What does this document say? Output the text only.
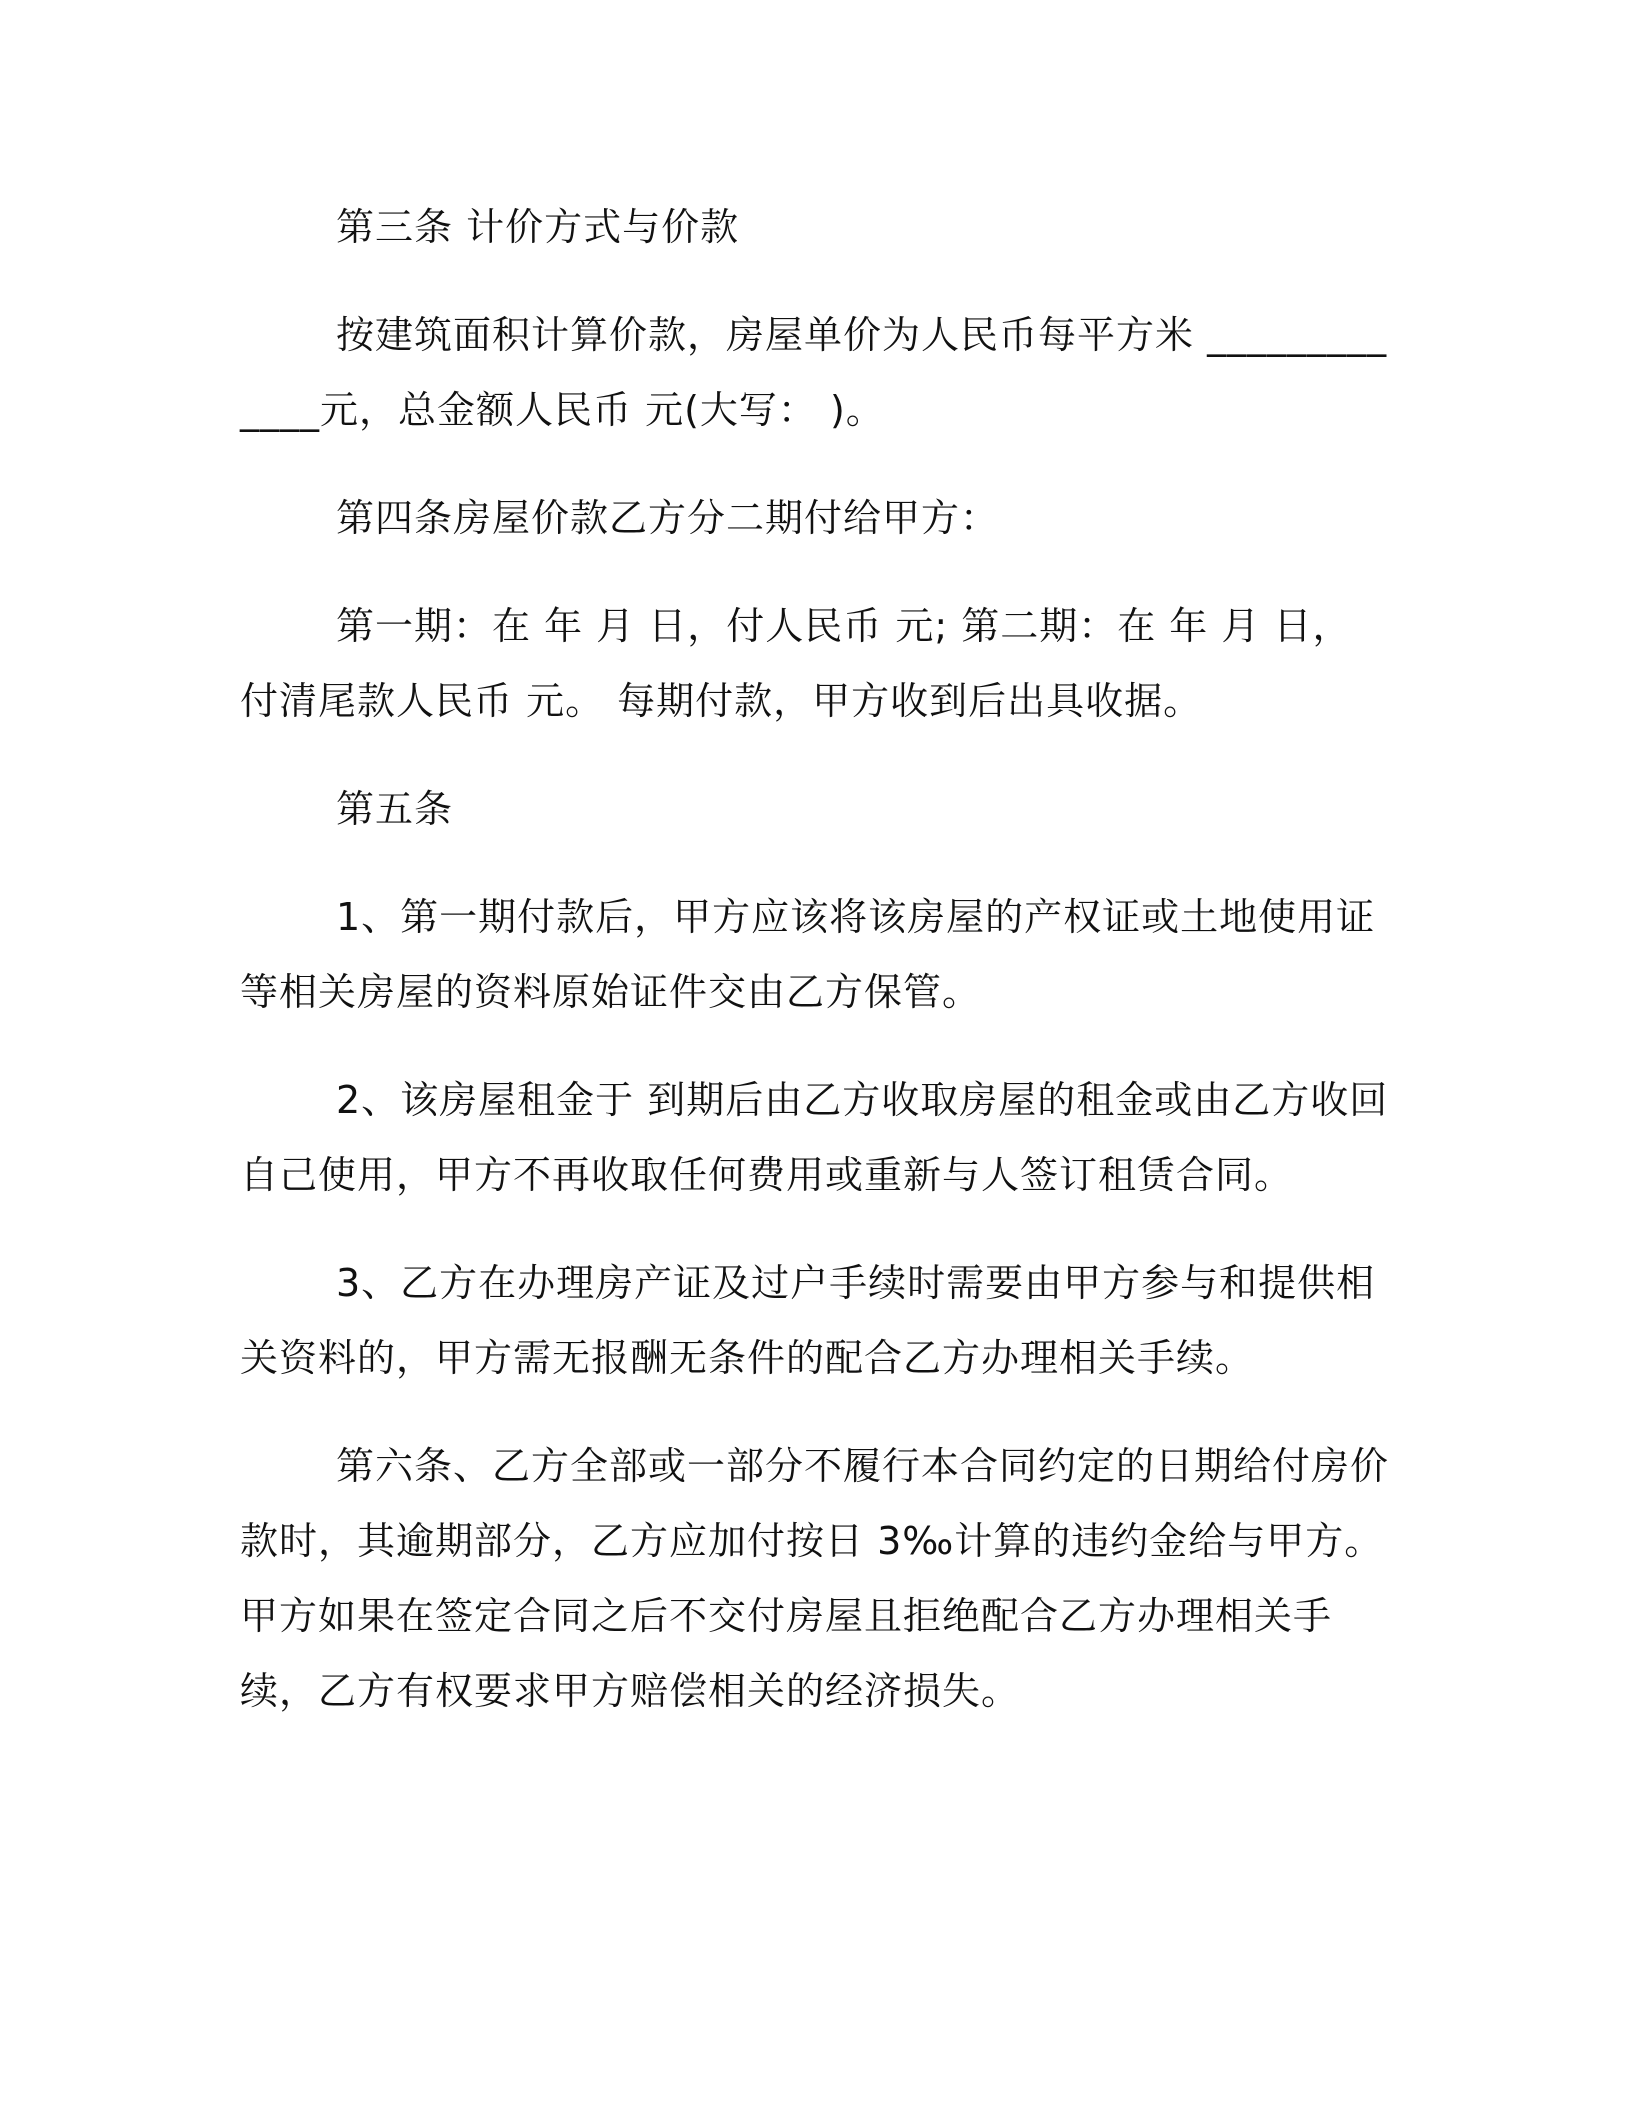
第三条 计价方式与价款

按建筑面积计算价款，房屋单价为人民币每平方米 _____________元，总金额人民币 元(大写： )。

第四条房屋价款乙方分二期付给甲方：

第一期：在 年 月 日，付人民币 元; 第二期：在 年 月 日，付清尾款人民币 元。 每期付款，甲方收到后出具收据。

第五条

1、第一期付款后，甲方应该将该房屋的产权证或土地使用证等相关房屋的资料原始证件交由乙方保管。

2、该房屋租金于 到期后由乙方收取房屋的租金或由乙方收回自己使用，甲方不再收取任何费用或重新与人签订租赁合同。

3、乙方在办理房产证及过户手续时需要由甲方参与和提供相关资料的，甲方需无报酬无条件的配合乙方办理相关手续。

第六条、乙方全部或一部分不履行本合同约定的日期给付房价款时，其逾期部分，乙方应加付按日 3‰计算的违约金给与甲方。甲方如果在签定合同之后不交付房屋且拒绝配合乙方办理相关手续，乙方有权要求甲方赔偿相关的经济损失。
